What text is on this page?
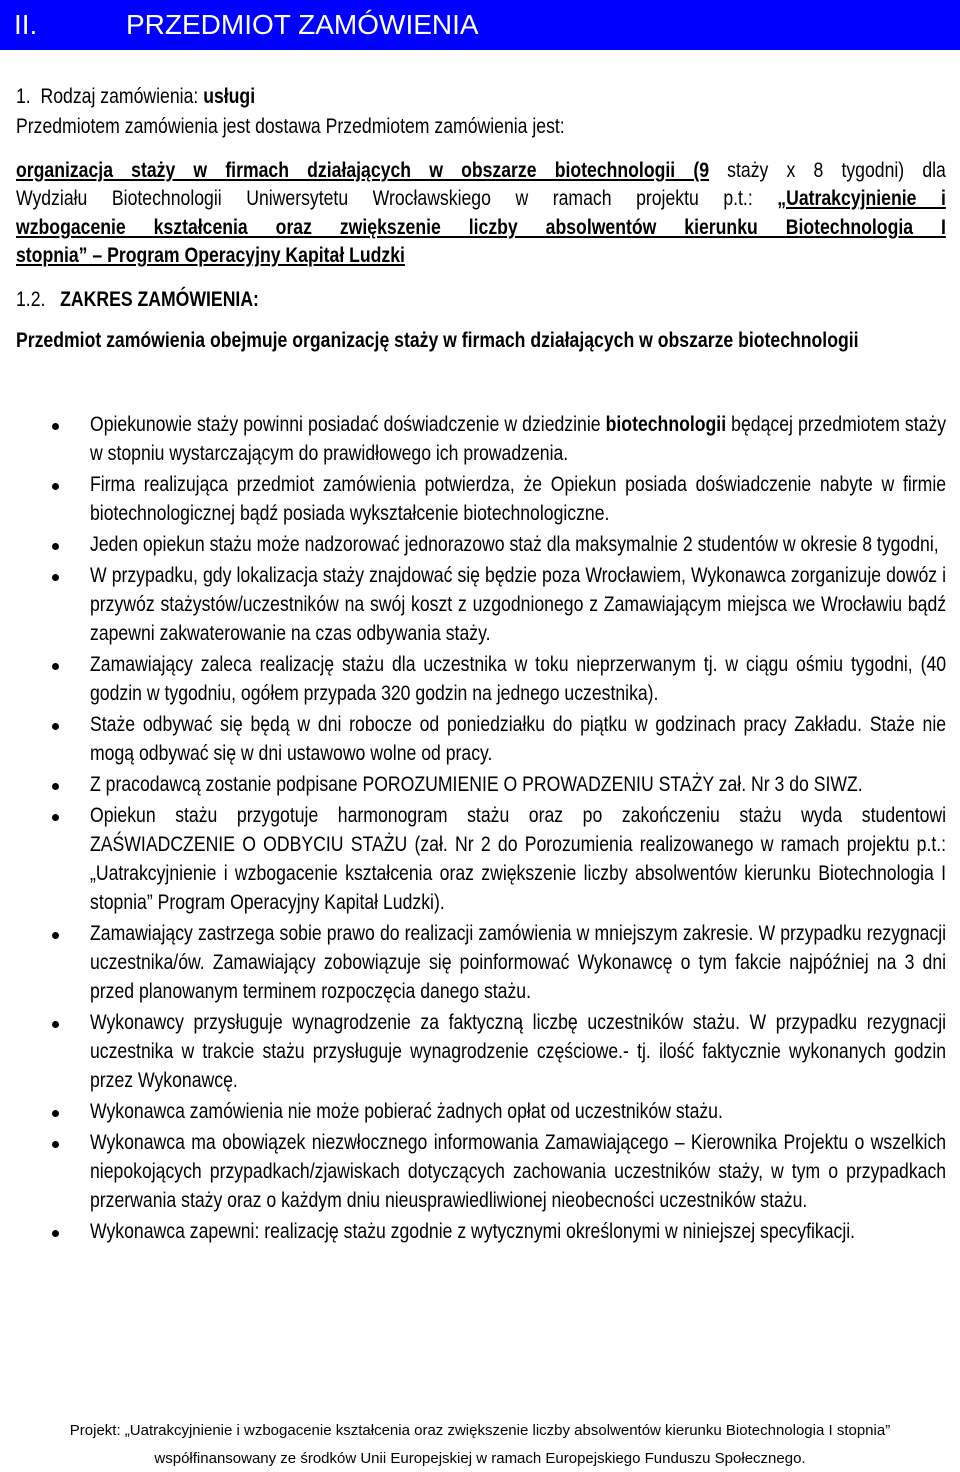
II.	PRZEDMIOT ZAMÓWIENIA
1. Rodzaj zamówienia: usługi
Przedmiotem zamówienia jest dostawa Przedmiotem zamówienia jest:
organizacja staży w firmach działających w obszarze biotechnologii (9 staży x 8 tygodni) dla
Wydziału Biotechnologii Uniwersytetu Wrocławskiego w ramach projektu p.t.: „Uatrakcyjnienie i
wzbogacenie kształcenia oraz zwiększenie liczby absolwentów kierunku Biotechnologia I
stopnia” – Program Operacyjny Kapitał Ludzki
1.2. ZAKRES ZAMÓWIENIA:
Przedmiot zamówienia obejmuje organizację staży w firmach działających w obszarze biotechnologii
Opiekunowie staży powinni posiadać doświadczenie w dziedzinie biotechnologii będącej przedmiotem staży w stopniu wystarczającym do prawidłowego ich prowadzenia.
Firma realizująca przedmiot zamówienia potwierdza, że Opiekun posiada doświadczenie nabyte w firmie biotechnologicznej bądź posiada wykształcenie biotechnologiczne.
Jeden opiekun stażu może nadzorować jednorazowo staż dla maksymalnie 2 studentów w okresie 8 tygodni,
W przypadku, gdy lokalizacja staży znajdować się będzie poza Wrocławiem, Wykonawca zorganizuje dowóz i przywóz stażystów/uczestników na swój koszt z uzgodnionego z Zamawiającym miejsca we Wrocławiu bądź zapewni zakwaterowanie na czas odbywania staży.
Zamawiający zaleca realizację stażu dla uczestnika w toku nieprzerwanym tj. w ciągu ośmiu tygodni, (40 godzin w tygodniu, ogółem przypada 320 godzin na jednego uczestnika).
Staże odbywać się będą w dni robocze od poniedziałku do piątku w godzinach pracy Zakładu. Staże nie mogą odbywać się w dni ustawowo wolne od pracy.
Z pracodawcą zostanie podpisane POROZUMIENIE O PROWADZENIU STAŻY zał. Nr 3 do SIWZ.
Opiekun stażu przygotuje harmonogram stażu oraz po zakończeniu stażu wyda studentowi ZAŚWIADCZENIE O ODBYCIU STAŻU (zał. Nr 2 do Porozumienia realizowanego w ramach projektu p.t.: „Uatrakcyjnienie i wzbogacenie kształcenia oraz zwiększenie liczby absolwentów kierunku Biotechnologia I stopnia” Program Operacyjny Kapitał Ludzki).
Zamawiający zastrzega sobie prawo do realizacji zamówienia w mniejszym zakresie. W przypadku rezygnacji uczestnika/ów. Zamawiający zobowiązuje się poinformować Wykonawcę o tym fakcie najpóźniej na 3 dni przed planowanym terminem rozpoczęcia danego stażu.
Wykonawcy przysługuje wynagrodzenie za faktyczną liczbę uczestników stażu. W przypadku rezygnacji uczestnika w trakcie stażu przysługuje wynagrodzenie częściowe.- tj. ilość faktycznie wykonanych godzin przez Wykonawcę.
Wykonawca zamówienia nie może pobierać żadnych opłat od uczestników stażu.
Wykonawca ma obowiązek niezwłocznego informowania Zamawiającego – Kierownika Projektu o wszelkich niepokojących przypadkach/zjawiskach dotyczących zachowania uczestników staży, w tym o przypadkach przerwania staży oraz o każdym dniu nieusprawiedliwionej nieobecności uczestników stażu.
Wykonawca zapewni: realizację stażu zgodnie z wytycznymi określonymi w niniejszej specyfikacji.
Projekt: „Uatrakcyjnienie i wzbogacenie kształcenia oraz zwiększenie liczby absolwentów kierunku Biotechnologia I stopnia”
współfinansowany ze środków Unii Europejskiej w ramach Europejskiego Funduszu Społecznego.
